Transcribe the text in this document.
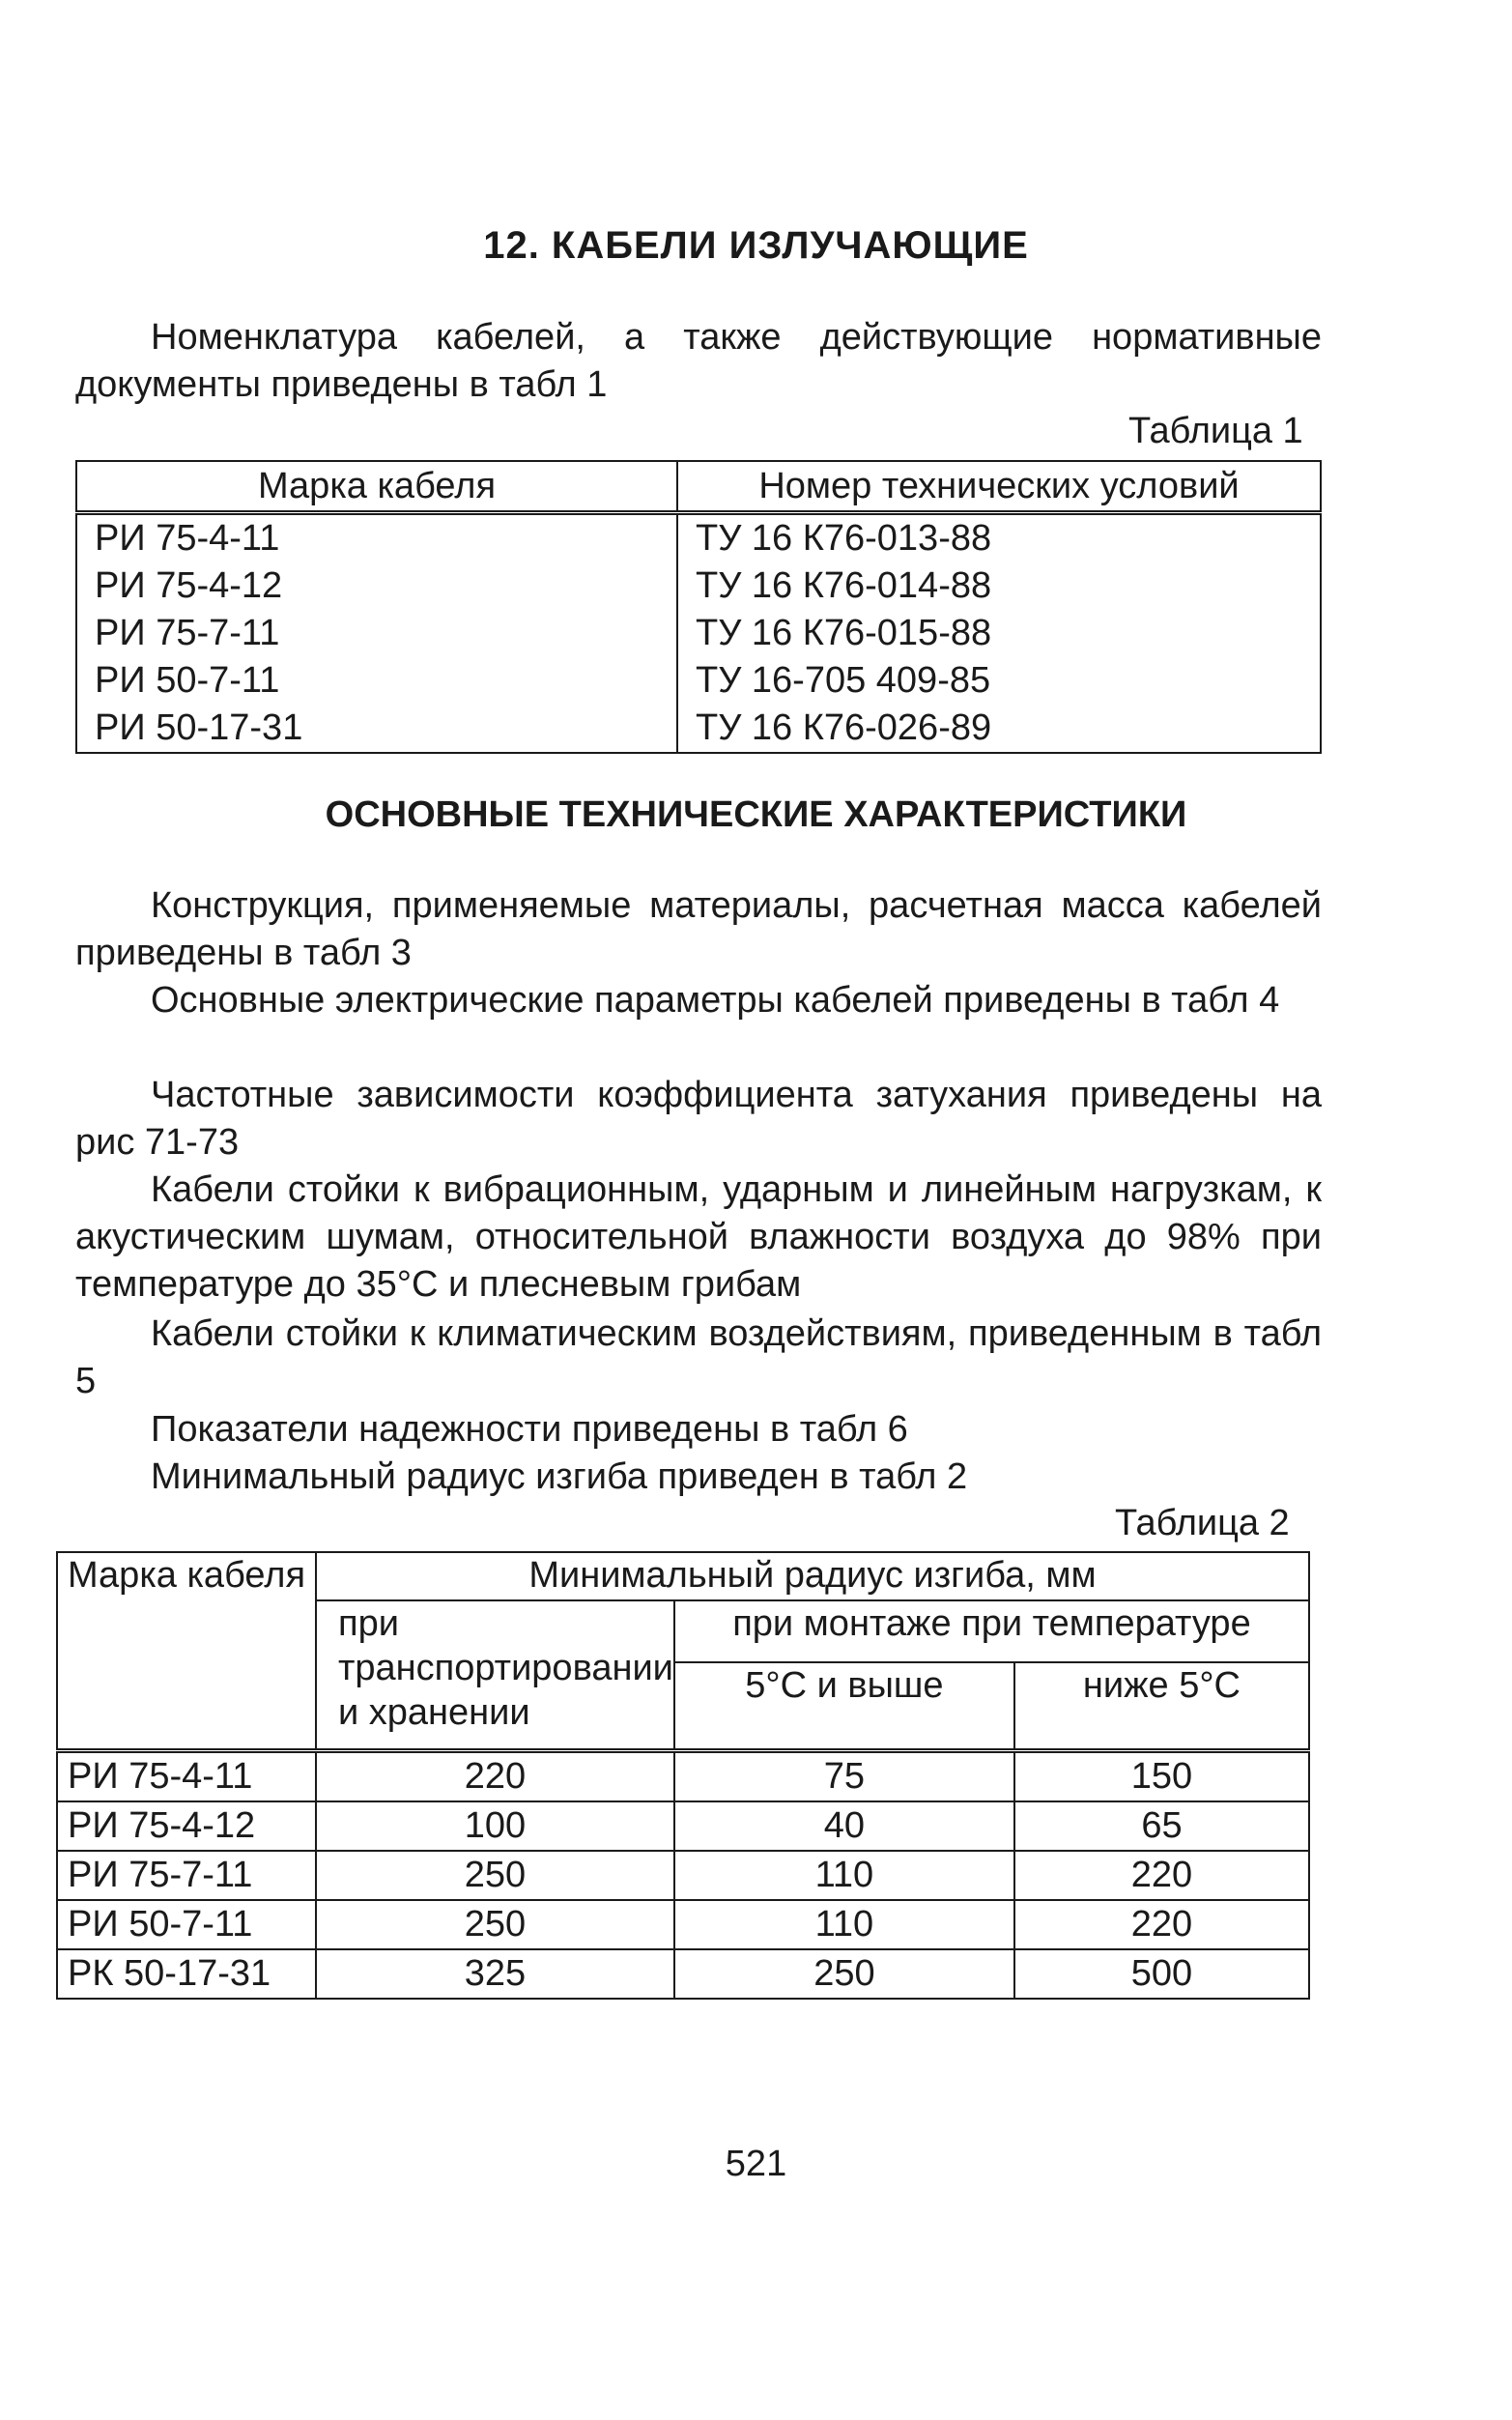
12. КАБЕЛИ ИЗЛУЧАЮЩИЕ

Номенклатура кабелей, а также действующие нормативные документы приведены в табл 1

Таблица 1
Марка кабеля	Номер технических условий
РИ 75-4-11	ТУ 16 К76-013-88
РИ 75-4-12	ТУ 16 К76-014-88
РИ 75-7-11	ТУ 16 К76-015-88
РИ 50-7-11	ТУ 16-705 409-85
РИ 50-17-31	ТУ 16 К76-026-89
ОСНОВНЫЕ ТЕХНИЧЕСКИЕ ХАРАКТЕРИСТИКИ

Конструкция, применяемые материалы, расчетная масса кабелей приведены в табл 3

Основные электрические параметры кабелей приведены в табл 4

Частотные зависимости коэффициента затухания приведены на рис 71-73

Кабели стойки к вибрационным, ударным и линейным нагрузкам, к акустическим шумам, относительной влажности воздуха до 98% при температуре до 35°С и плесневым грибам

Кабели стойки к климатическим воздействиям, приведенным в табл 5

Показатели надежности приведены в табл 6

Минимальный радиус изгиба приведен в табл 2

Таблица 2
Марка кабеля	Минимальный радиус изгиба, мм		
	при транспортировании и хранении	при монтаже при температуре	
		5°С и выше	ниже 5°С
РИ 75-4-11	220	75	150
РИ 75-4-12	100	40	65
РИ 75-7-11	250	110	220
РИ 50-7-11	250	110	220
РК 50-17-31	325	250	500
521
